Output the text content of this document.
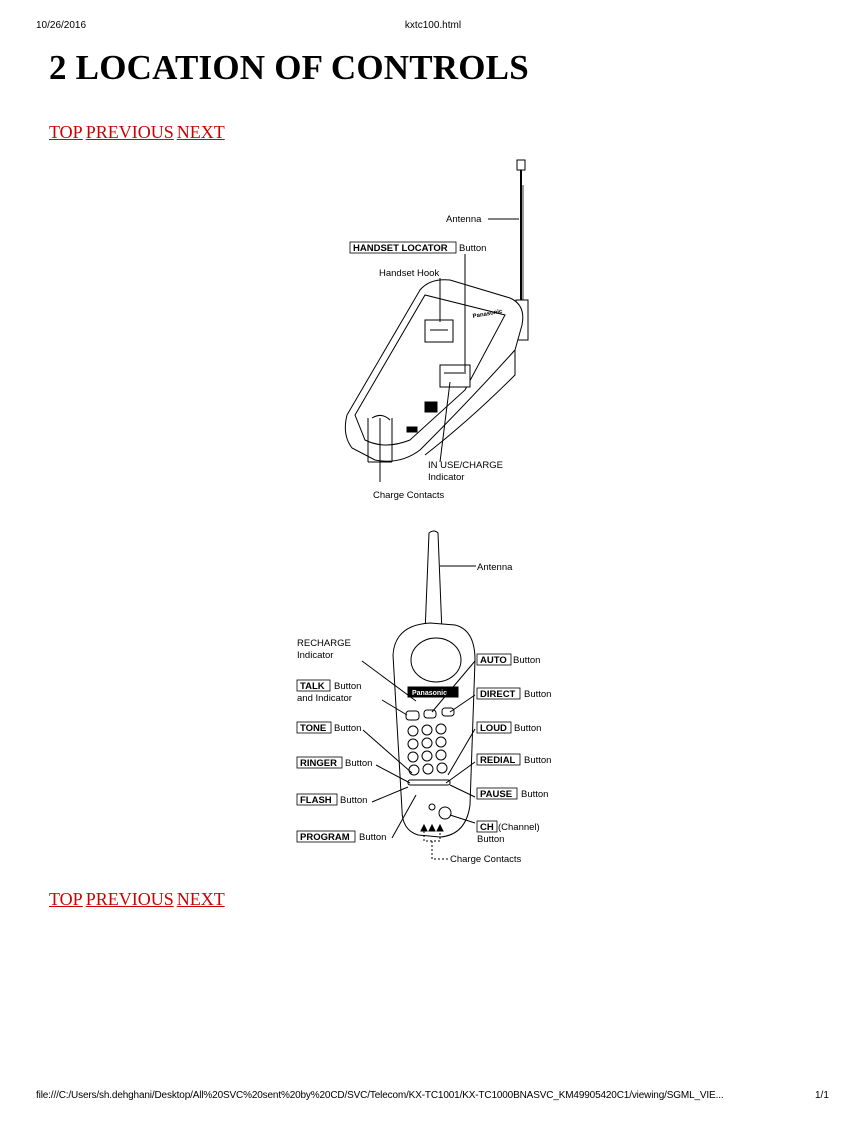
10/26/2016	kxtc100.html
2 LOCATION OF CONTROLS
TOP PREVIOUS NEXT
Panasonic
Antenna
HANDSET LOCATOR Button
Handset Hook
IN USE/CHARGE
Indicator
Charge Contacts
Panasonic
Antenna
RECHARGE
Indicator
TALK Button
and Indicator
TONE Button
RINGER Button
FLASH Button
PROGRAM Button
AUTO Button
DIRECT Button
LOUD Button
REDIAL Button
PAUSE Button
CH (Channel)
Button
Charge Contacts
TOP PREVIOUS NEXT
file:///C:/Users/sh.dehghani/Desktop/All%20SVC%20sent%20by%20CD/SVC/Telecom/KX-TC1001/KX-TC1000BNASVC_KM49905420C1/viewing/SGML_VIE...	1/1
